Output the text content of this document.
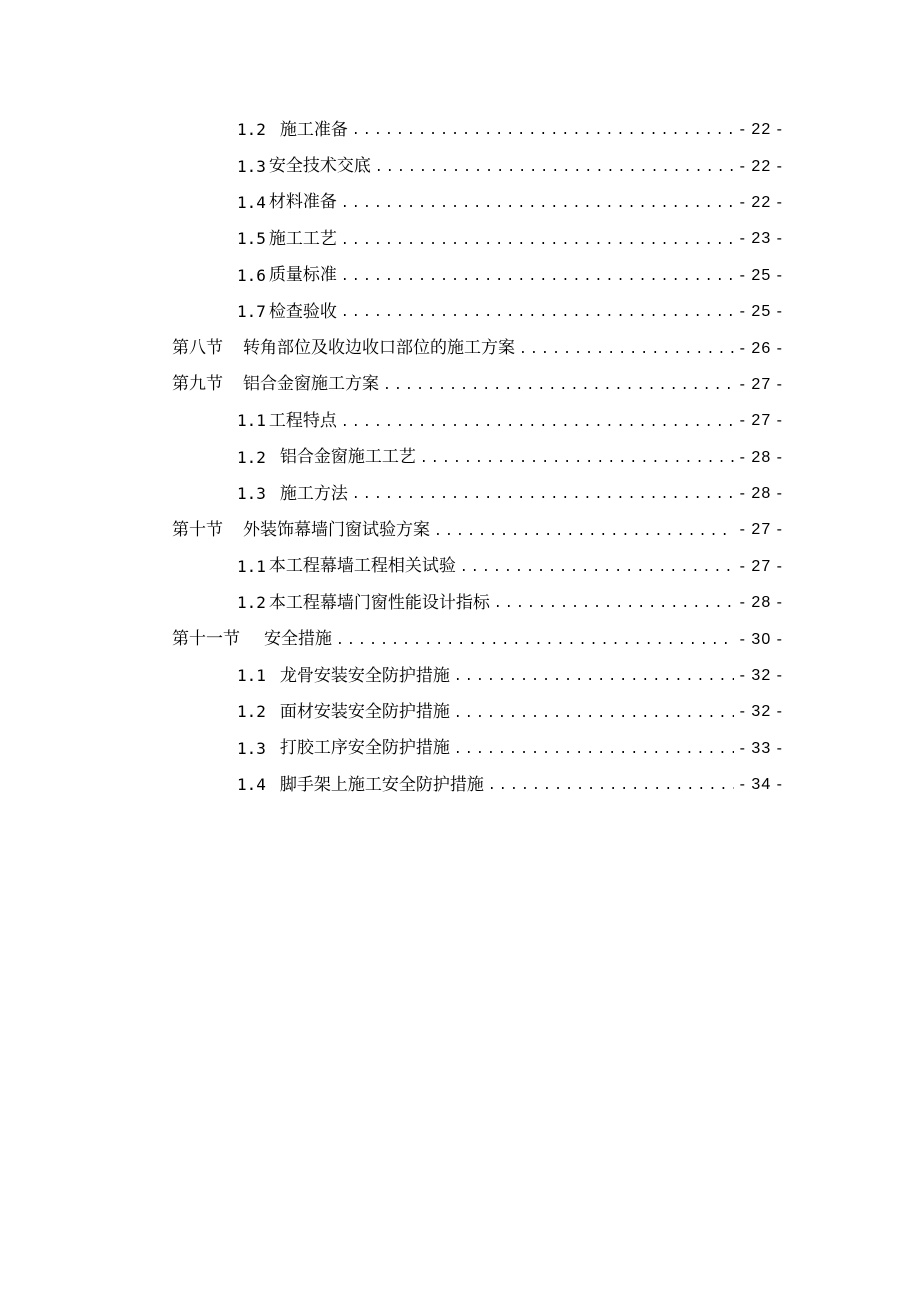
1.2 施工准备 .....	- 22 -
1.3 安全技术交底 .....	- 22 -
1.4 材料准备 .....	- 22 -
1.5 施工工艺 .....	- 23 -
1.6 质量标准 .....	- 25 -
1.7 检查验收 .....	- 25 -
第八节 转角部位及收边收口部位的施工方案 .....	- 26 -
第九节 铝合金窗施工方案 .....	- 27 -
1.1 工程特点 .....	- 27 -
1.2 铝合金窗施工工艺 .....	- 28 -
1.3 施工方法 .....	- 28 -
第十节 外装饰幕墙门窗试验方案 .....	- 27 -
1.1 本工程幕墙工程相关试验 .....	- 27 -
1.2 本工程幕墙门窗性能设计指标 .....	- 28 -
第十一节 安全措施 .....	- 30 -
1.1 龙骨安装安全防护措施 .....	- 32 -
1.2 面材安装安全防护措施 .....	- 32 -
1.3 打胶工序安全防护措施 .....	- 33 -
1.4 脚手架上施工安全防护措施 .....	- 34 -
